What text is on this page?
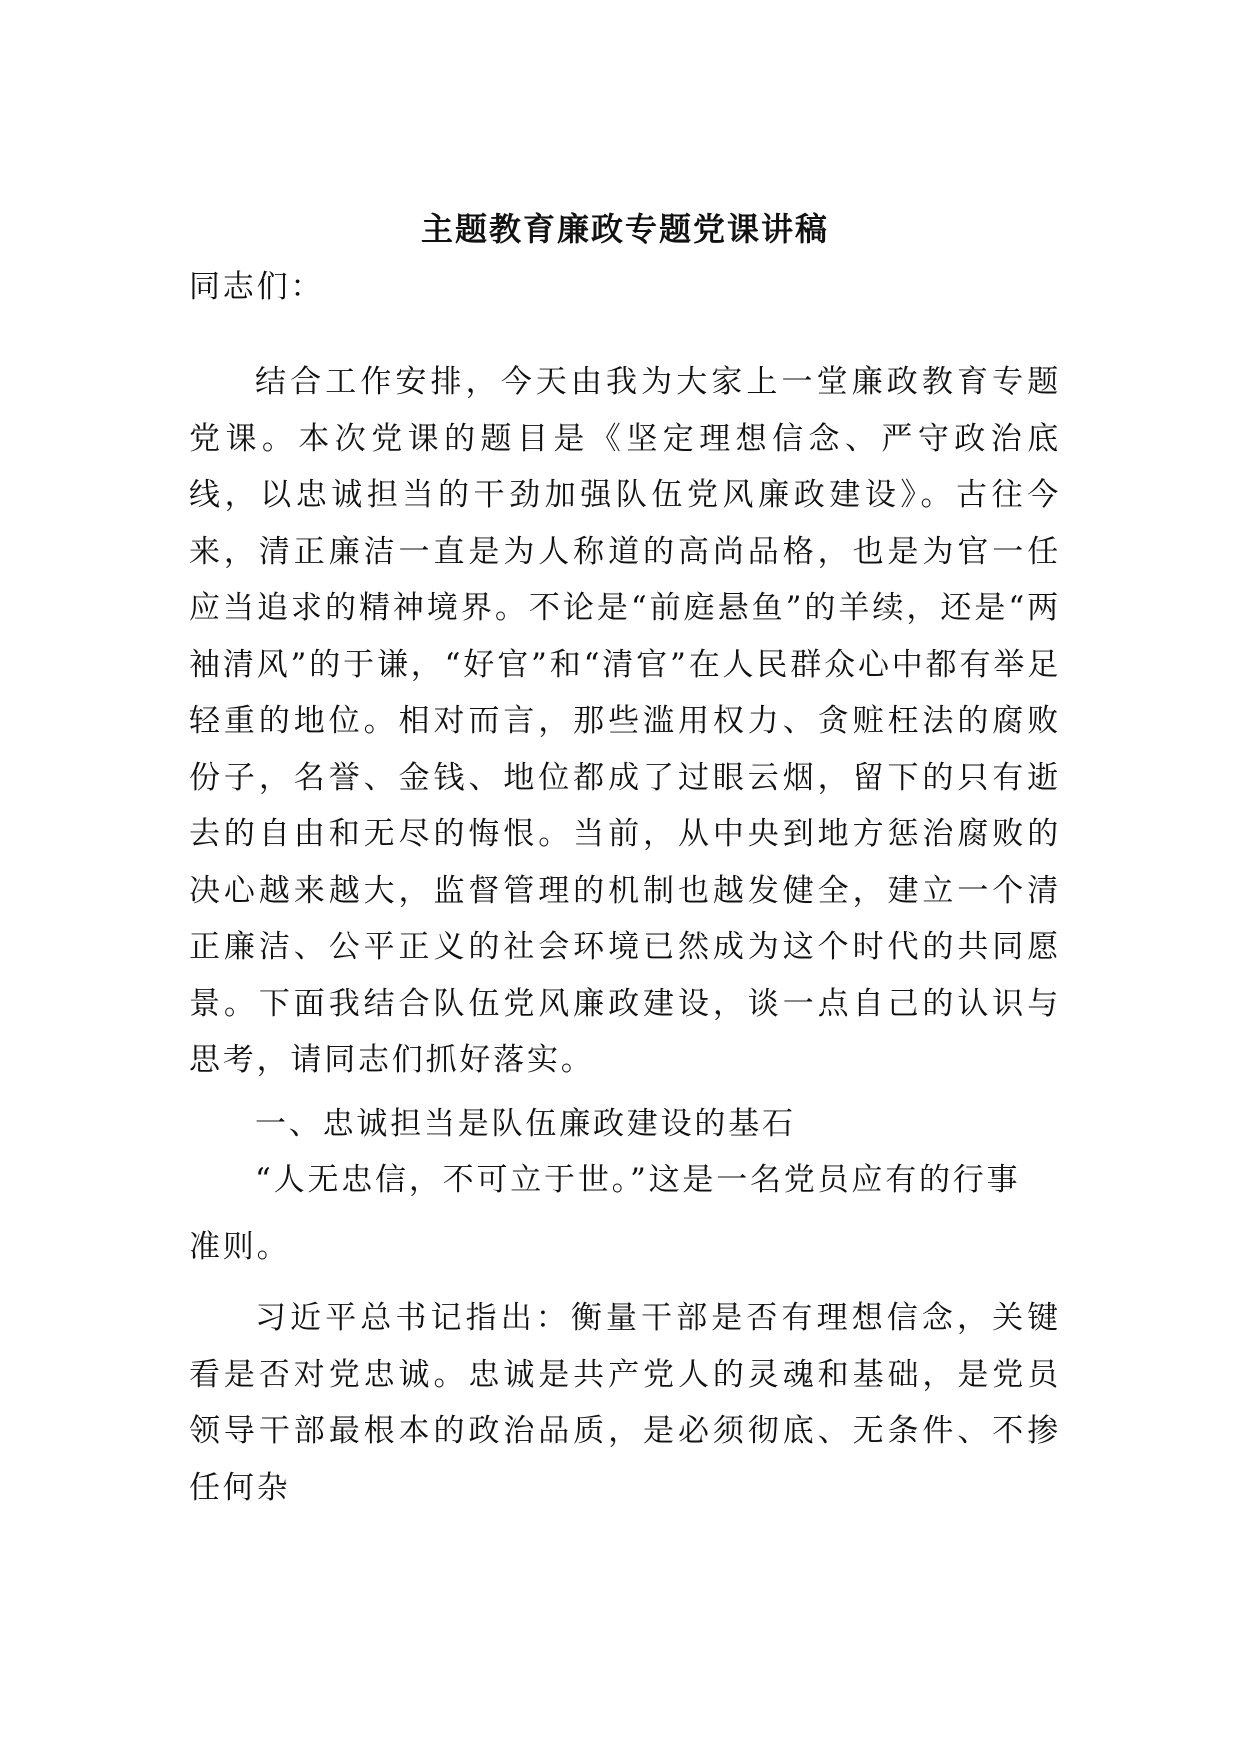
主题教育廉政专题党课讲稿

同志们：

结合工作安排，今天由我为大家上一堂廉政教育专题党课。本次党课的题目是《坚定理想信念、严守政治底线，以忠诚担当的干劲加强队伍党风廉政建设》。古往今来，清正廉洁一直是为人称道的高尚品格，也是为官一任应当追求的精神境界。不论是“前庭悬鱼”的羊续，还是“两袖清风”的于谦，“好官”和“清官”在人民群众心中都有举足轻重的地位。相对而言，那些滥用权力、贪赃枉法的腐败份子，名誉、金钱、地位都成了过眼云烟，留下的只有逝去的自由和无尽的悔恨。当前，从中央到地方惩治腐败的决心越来越大，监督管理的机制也越发健全，建立一个清正廉洁、公平正义的社会环境已然成为这个时代的共同愿景。下面我结合队伍党风廉政建设，谈一点自己的认识与思考，请同志们抓好落实。

一、忠诚担当是队伍廉政建设的基石

“人无忠信，不可立于世。”这是一名党员应有的行事

准则。

习近平总书记指出：衡量干部是否有理想信念，关键看是否对党忠诚。忠诚是共产党人的灵魂和基础，是党员领导干部最根本的政治品质，是必须彻底、无条件、不掺任何杂
